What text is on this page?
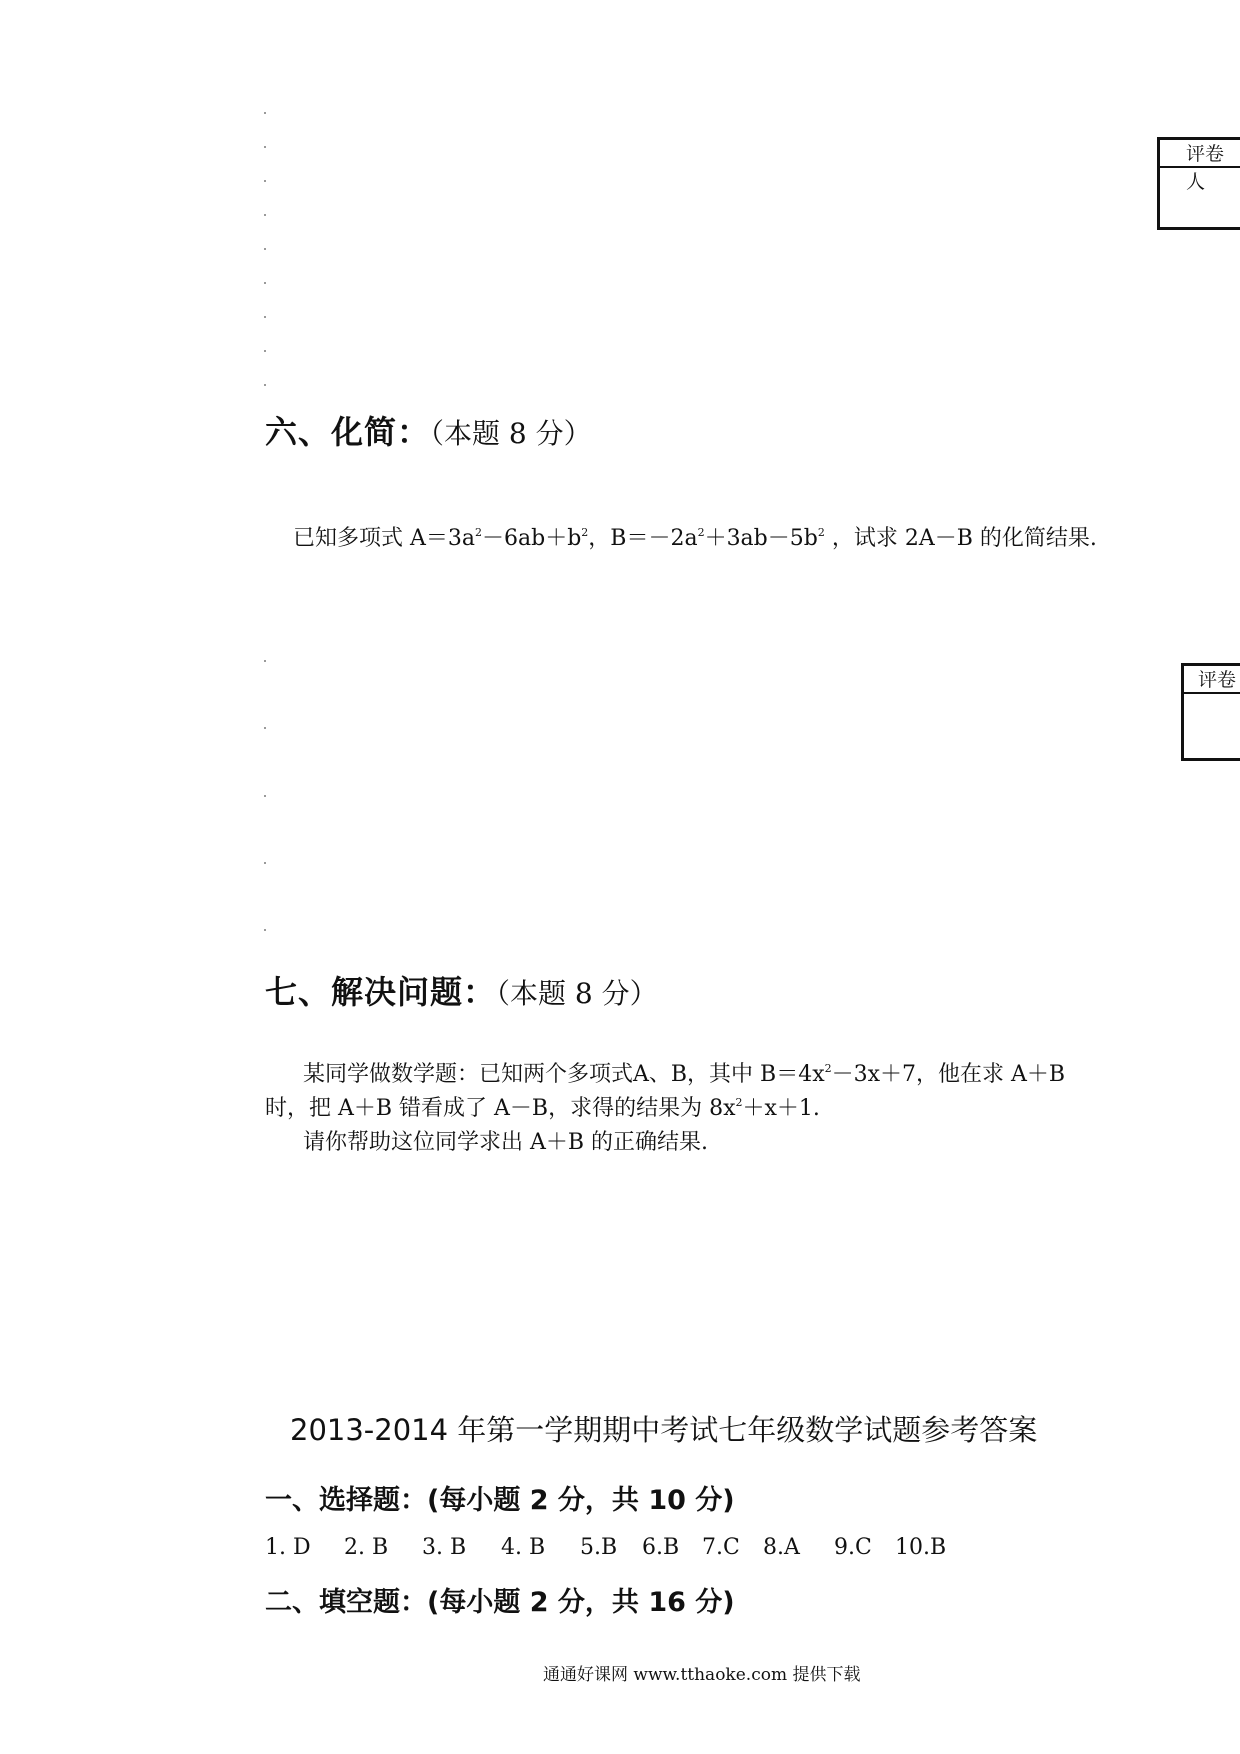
评卷人
评卷
六、化简：（本题 8 分）
已知多项式 $A=3a^2-6ab+b^2$，$B=-2a^2+3ab-5b^2$ ，试求 2A－B 的化简结果.
七、解决问题：（本题 8 分）
某同学做数学题：已知两个多项式A、B，其中 $B=4x^2-3x+7$，他在求 A＋B
时，把 A＋B 错看成了 A－B，求得的结果为 $8x^2+x+1$.
请你帮助这位同学求出 A＋B 的正确结果.
2013-2014 年第一学期期中考试七年级数学试题参考答案
一、选择题：(每小题 2 分，共 10 分)
1. D 2. B 3. B 4. B 5.B 6.B 7.C 8.A 9.C 10.B
二、填空题：(每小题 2 分，共 16 分)
通通好课网 www.tthaoke.com 提供下载
